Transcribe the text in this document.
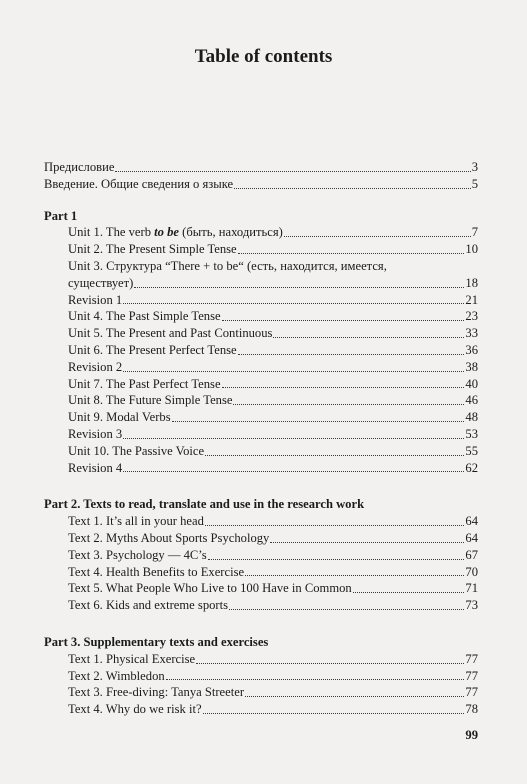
Table of contents
Предисловие	3
Введение. Общие сведения о языке	5
Part 1
Unit 1. The verb to be (быть, находиться)	7
Unit 2. The Present Simple Tense	10
Unit 3. Структура “There + to be“ (есть, находится, имеется,
существует)	18
Revision 1	21
Unit 4. The Past Simple Tense	23
Unit 5. The Present and Past Continuous	33
Unit 6. The Present Perfect Tense	36
Revision 2	38
Unit 7. The Past Perfect Tense	40
Unit 8. The Future Simple Tense	46
Unit 9. Modal Verbs	48
Revision 3	53
Unit 10. The Passive Voice	55
Revision 4	62
Part 2. Texts to read, translate and use in the research work
Text 1. It’s all in your head	64
Text 2. Myths About Sports Psychology	64
Text 3. Psychology — 4C’s	67
Text 4. Health Benefits to Exercise	70
Text 5. What People Who Live to 100 Have in Common	71
Text 6. Kids and extreme sports	73
Part 3. Supplementary texts and exercises
Text 1. Physical Exercise	77
Text 2. Wimbledon	77
Text 3. Free-diving: Tanya Streeter	77
Text 4. Why do we risk it?	78
99
